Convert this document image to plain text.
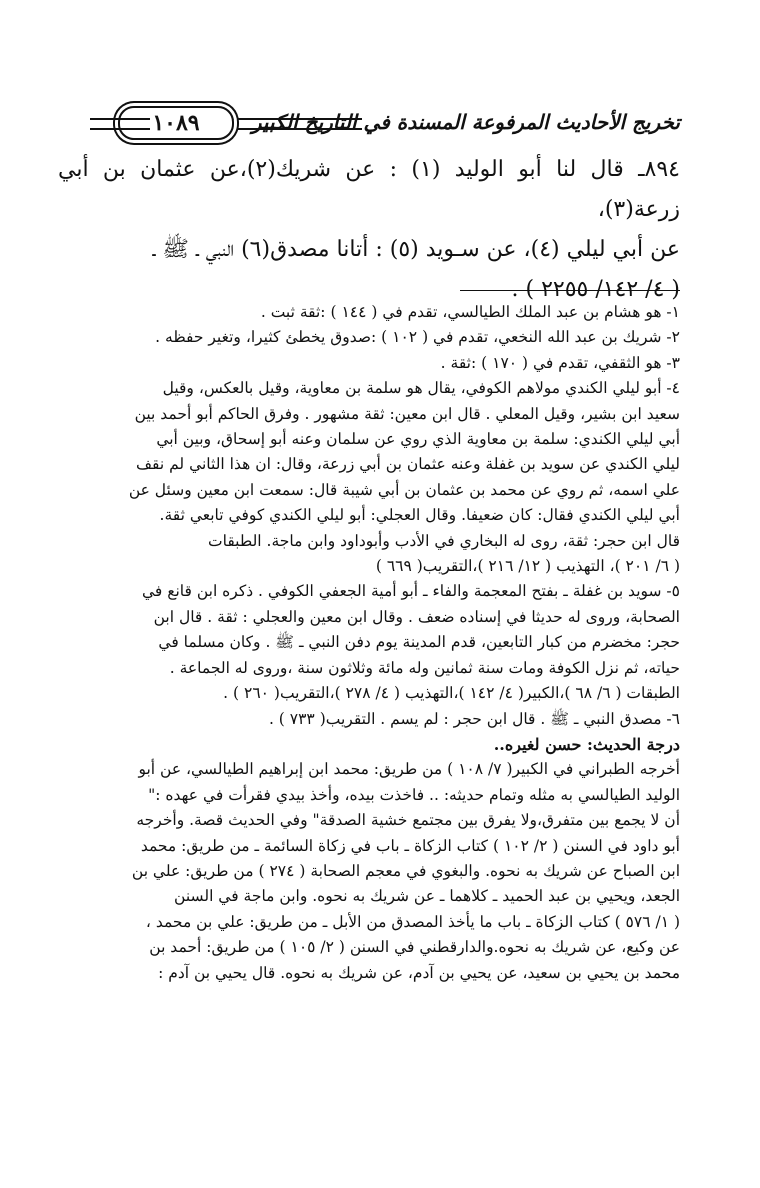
تخريج الأحاديث المرفوعة المسندة في التاريخ الكبير
١٠٨٩

٨٩٤ـ قال لنا أبو الوليد (١) : عن شريك(٢)،عن عثمان بن أبي زرعة(٣)،

عن أبي ليلي (٤)، عن سـويد (٥) : أتانا مصدق(٦) النبي ـ ﷺ ـ

( ٤/ ١٤٢/ ٢٢٥٥ ) .

١- هو هشام بن عبد الملك الطيالسي، تقدم في ( ١٤٤ ) :ثقة ثبت .

٢- شريك بن عبد الله النخعي، تقدم في ( ١٠٢ ) :صدوق يخطئ كثيرا، وتغير حفظه .

٣- هو الثقفي، تقدم في ( ١٧٠ ) :ثقة .

٤- أبو ليلي الكندي مولاهم الكوفي، يقال هو سلمة بن معاوية، وقيل بالعكس، وقيل

سعيد ابن بشير، وقيل المعلي . قال ابن معين: ثقة مشهور . وفرق الحاكم أبو أحمد بين

أبي ليلي الكندي: سلمة بن معاوية الذي روي عن سلمان وعنه أبو إسحاق، وبين أبي

ليلي الكندي عن سويد بن غفلة وعنه عثمان بن أبي زرعة، وقال: ان هذا الثاني لم نقف

علي اسمه، ثم روي عن محمد بن عثمان بن أبي شيبة قال: سمعت ابن معين وسئل عن

أبي ليلي الكندي فقال: كان ضعيفا. وقال العجلي: أبو ليلي الكندي كوفي تابعي ثقة.

قال ابن حجر: ثقة، روى له البخاري في الأدب وأبوداود وابن ماجة. الطبقات

( ٦/ ٢٠١ )، التهذيب ( ١٢/ ٢١٦ )،التقريب( ٦٦٩ )

٥- سويد بن غفلة ـ بفتح المعجمة والفاء ـ أبو أمية الجعفي الكوفي . ذكره ابن قانع في

الصحابة، وروى له حديثا في إسناده ضعف . وقال ابن معين والعجلي : ثقة . قال ابن

حجر: مخضرم من كبار التابعين، قدم المدينة يوم دفن النبي ـ ﷺ . وكان مسلما في

حياته، ثم نزل الكوفة ومات سنة ثمانين وله مائة وثلاثون سنة ،وروى له الجماعة .

الطبقات ( ٦/ ٦٨ )،الكبير( ٤/ ١٤٢ )،التهذيب ( ٤/ ٢٧٨ )،التقريب( ٢٦٠ ) .

٦- مصدق النبي ـ ﷺ . قال ابن حجر : لم يسم . التقريب( ٧٣٣ ) .

درجة الحديث: حسن لغيره..

أخرجه الطبراني في الكبير( ٧/ ١٠٨ ) من طريق: محمد ابن إبراهيم الطيالسي، عن أبو

الوليد الطيالسي به مثله وتمام حديثه: .. فاخذت بيده، وأخذ بيدي فقرأت في عهده :"

أن لا يجمع بين متفرق،ولا يفرق بين مجتمع خشية الصدقة" وفي الحديث قصة. وأخرجه

أبو داود في السنن ( ٢/ ١٠٢ ) كتاب الزكاة ـ باب في زكاة السائمة ـ من طريق: محمد

ابن الصباح عن شريك به نحوه. والبغوي في معجم الصحابة ( ٢٧٤ ) من طريق: علي بن

الجعد، ويحيي بن عبد الحميد ـ كلاهما ـ عن شريك به نحوه. وابن ماجة في السنن

( ١/ ٥٧٦ ) كتاب الزكاة ـ باب ما يأخذ المصدق من الأبل ـ من طريق: علي بن محمد ،

عن وكيع، عن شريك به نحوه.والدارقطني في السنن ( ٢/ ١٠٥ ) من طريق: أحمد بن

محمد بن يحيي بن سعيد، عن يحيي بن آدم، عن شريك به نحوه. قال يحيي بن آدم :
